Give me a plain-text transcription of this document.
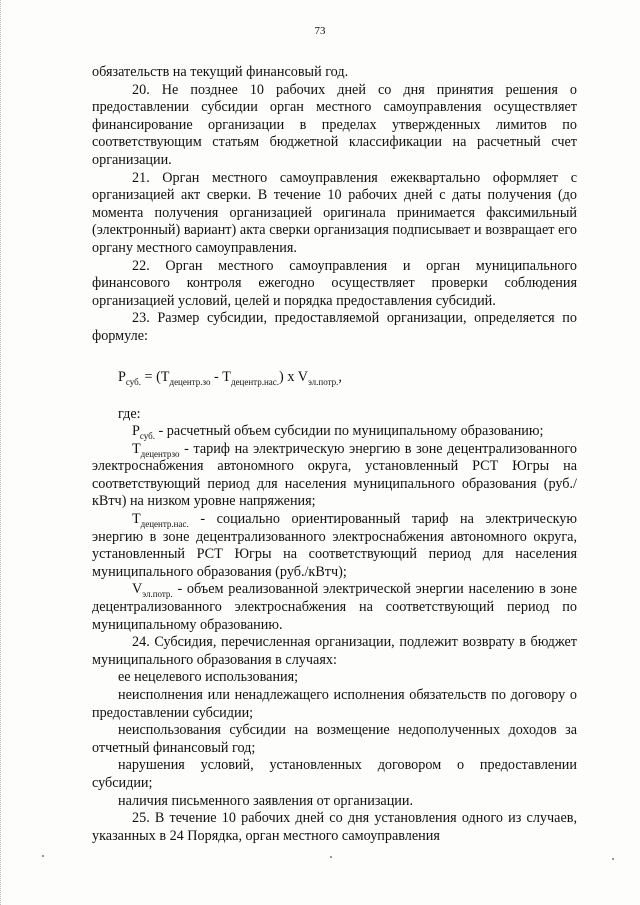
73

обязательств на текущий финансовый год.

20. Не позднее 10 рабочих дней со дня принятия решения о предоставлении субсидии орган местного самоуправления осуществляет финансирование организации в пределах утвержденных лимитов по соответствующим статьям бюджетной классификации на расчетный счет организации.

21. Орган местного самоуправления ежеквартально оформляет с организацией акт сверки. В течение 10 рабочих дней с даты получения (до момента получения организацией оригинала принимается факсимильный (электронный) вариант) акта сверки организация подписывает и возвращает его органу местного самоуправления.

22. Орган местного самоуправления и орган муниципального финансового контроля ежегодно осуществляет проверки соблюдения организацией условий, целей и порядка предоставления субсидий.

23. Размер субсидии, предоставляемой организации, определяется по формуле:

$P_{суб.} = (T_{децентр.зо} - T_{децентр.нас.})$ x $V_{эл.потр.}$,

где:

$P_{суб.}$ - расчетный объем субсидии по муниципальному образованию;

$T_{децентрзо}$ - тариф на электрическую энергию в зоне децентрализованного электроснабжения автономного округа, установленный РСТ Югры на соответствующий период для населения муниципального образования (руб./кВтч) на низком уровне напряжения;

$T_{децентр.нас.}$ - социально ориентированный тариф на электрическую энергию в зоне децентрализованного электроснабжения автономного округа, установленный РСТ Югры на соответствующий период для населения муниципального образования (руб./кВтч);

$V_{эл.потр.}$ - объем реализованной электрической энергии населению в зоне децентрализованного электроснабжения на соответствующий период по муниципальному образованию.

24. Субсидия, перечисленная организации, подлежит возврату в бюджет муниципального образования в случаях:

ее нецелевого использования;

неисполнения или ненадлежащего исполнения обязательств по договору о предоставлении субсидии;

неиспользования субсидии на возмещение недополученных доходов за отчетный финансовый год;

нарушения условий, установленных договором о предоставлении субсидии;

наличия письменного заявления от организации.

25. В течение 10 рабочих дней со дня установления одного из случаев, указанных в 24 Порядка, орган местного самоуправления
